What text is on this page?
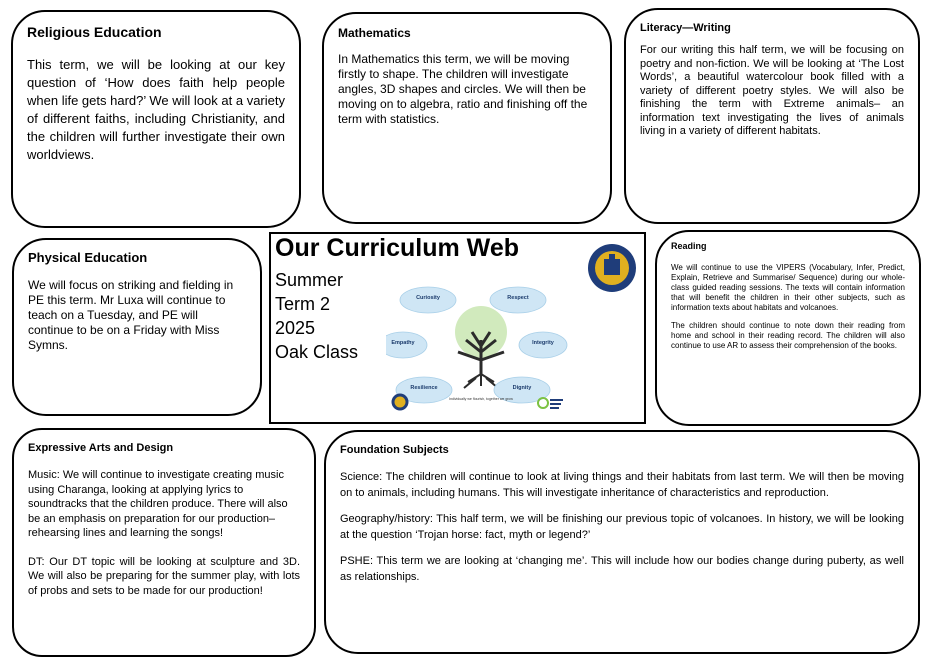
Religious Education

This term, we will be looking at our key question of ‘How does faith help people when life gets hard?’ We will look at a variety of different faiths, including Christianity, and the children will further investigate their own worldviews.

Mathematics

In Mathematics this term, we will be moving firstly to shape. The children will investigate angles, 3D shapes and circles. We will then be moving on to algebra, ratio and finishing off the term with statistics.

Literacy—Writing

For our writing this half term, we will be focusing on poetry and non-fiction. We will be looking at ‘The Lost Words’, a beautiful watercolour book filled with a variety of different poetry styles. We will also be finishing the term with Extreme animals– an information text investigating the lives of animals living in a variety of different habitats.

Physical Education

We will focus on striking and fielding in PE this term. Mr Luxa will continue to teach on a Tuesday, and PE will continue to be on a Friday with Miss Symns.

Our Curriculum Web
Summer
Term 2
2025
Oak Class
Curiosity	Respect
Empathy	Integrity
Resilience	Dignity
Individually we flourish, together we grow
Reading

We will continue to use the VIPERS (Vocabulary, Infer, Predict, Explain, Retrieve and Summarise/ Sequence) during our whole-class guided reading sessions. The texts will contain information that will benefit the children in their other subjects, such as information texts about habitats and volcanoes.

The children should continue to note down their reading from home and school in their reading record. The children will also continue to use AR to assess their comprehension of the books.

Expressive Arts and Design

Music: We will continue to investigate creating music using Charanga, looking at applying lyrics to soundtracks that the children produce. There will also be an emphasis on preparation for our production– rehearsing lines and learning the songs!

DT: Our DT topic will be looking at sculpture and 3D. We will also be preparing for the summer play, with lots of probs and sets to be made for our production!

Foundation Subjects

Science: The children will continue to look at living things and their habitats from last term. We will then be moving on to animals, including humans. This will investigate inheritance of characteristics and reproduction.

Geography/history: This half term, we will be finishing our previous topic of volcanoes. In history, we will be looking at the question ‘Trojan horse: fact, myth or legend?’

PSHE: This term we are looking at ‘changing me’. This will include how our bodies change during puberty, as well as relationships.
